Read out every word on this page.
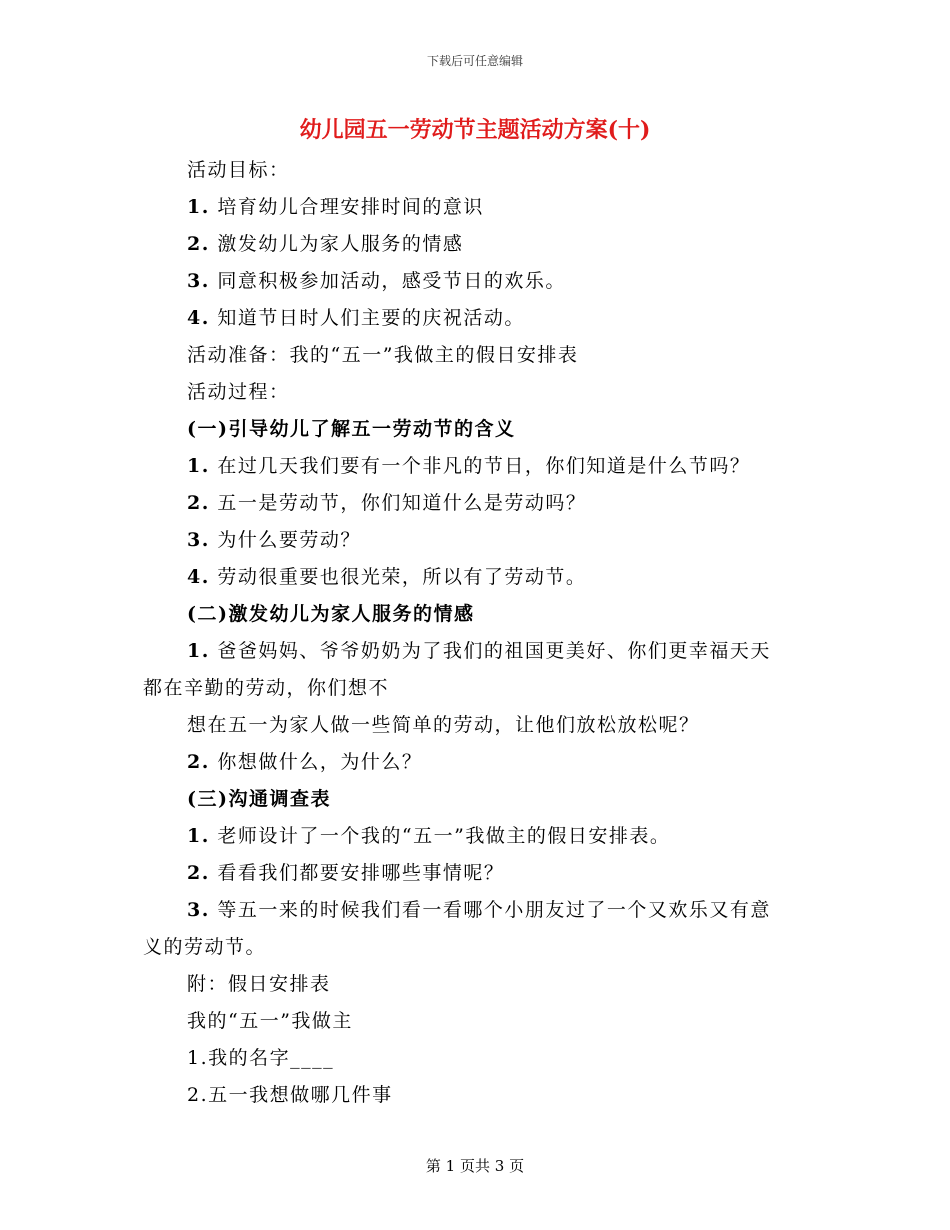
下载后可任意编辑
幼儿园五一劳动节主题活动方案(十)
活动目标：
1. 培育幼儿合理安排时间的意识
2. 激发幼儿为家人服务的情感
3. 同意积极参加活动，感受节日的欢乐。
4. 知道节日时人们主要的庆祝活动。
活动准备：我的“五一”我做主的假日安排表
活动过程：
(一)引导幼儿了解五一劳动节的含义
1. 在过几天我们要有一个非凡的节日，你们知道是什么节吗？
2. 五一是劳动节，你们知道什么是劳动吗？
3. 为什么要劳动？
4. 劳动很重要也很光荣，所以有了劳动节。
(二)激发幼儿为家人服务的情感
1. 爸爸妈妈、爷爷奶奶为了我们的祖国更美好、你们更幸福天天
都在辛勤的劳动，你们想不
想在五一为家人做一些简单的劳动，让他们放松放松呢？
2. 你想做什么，为什么？
(三)沟通调查表
1. 老师设计了一个我的“五一”我做主的假日安排表。
2. 看看我们都要安排哪些事情呢？
3. 等五一来的时候我们看一看哪个小朋友过了一个又欢乐又有意
义的劳动节。
附：假日安排表
我的“五一”我做主
1.我的名字____
2.五一我想做哪几件事
第 1 页共 3 页
